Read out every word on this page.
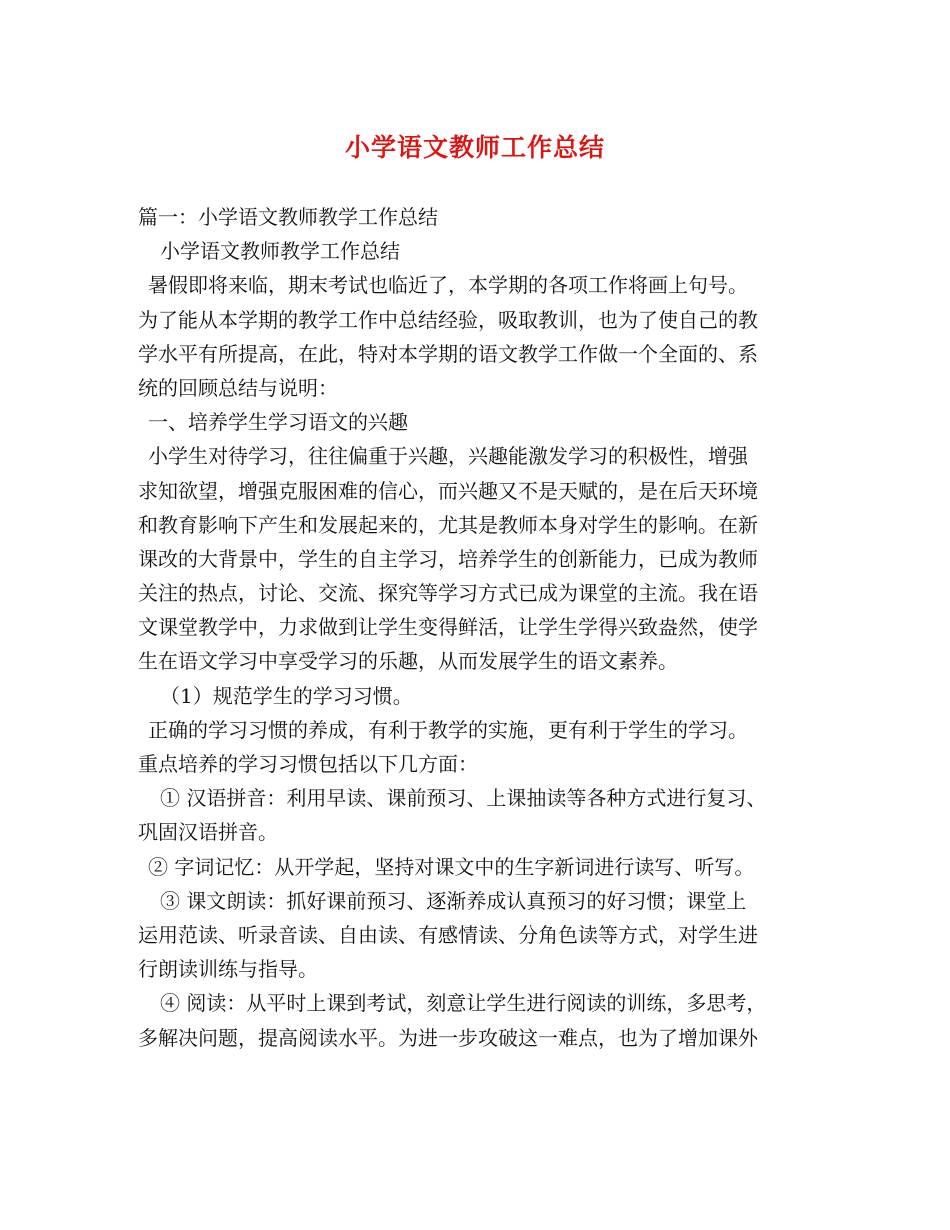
小学语文教师工作总结
篇一：小学语文教师教学工作总结
小学语文教师教学工作总结
暑假即将来临，期末考试也临近了，本学期的各项工作将画上句号。
为了能从本学期的教学工作中总结经验，吸取教训，也为了使自己的教
学水平有所提高，在此，特对本学期的语文教学工作做一个全面的、系
统的回顾总结与说明：
一、培养学生学习语文的兴趣
小学生对待学习，往往偏重于兴趣，兴趣能激发学习的积极性，增强
求知欲望，增强克服困难的信心，而兴趣又不是天赋的，是在后天环境
和教育影响下产生和发展起来的，尤其是教师本身对学生的影响。在新
课改的大背景中，学生的自主学习，培养学生的创新能力，已成为教师
关注的热点，讨论、交流、探究等学习方式已成为课堂的主流。我在语
文课堂教学中，力求做到让学生变得鲜活，让学生学得兴致盎然，使学
生在语文学习中享受学习的乐趣，从而发展学生的语文素养。
（1）规范学生的学习习惯。
正确的学习习惯的养成，有利于教学的实施，更有利于学生的学习。
重点培养的学习习惯包括以下几方面：
① 汉语拼音：利用早读、课前预习、上课抽读等各种方式进行复习、
巩固汉语拼音。
② 字词记忆：从开学起，坚持对课文中的生字新词进行读写、听写。
③ 课文朗读：抓好课前预习、逐渐养成认真预习的好习惯；课堂上
运用范读、听录音读、自由读、有感情读、分角色读等方式，对学生进
行朗读训练与指导。
④ 阅读：从平时上课到考试，刻意让学生进行阅读的训练，多思考，
多解决问题，提高阅读水平。为进一步攻破这一难点，也为了增加课外
